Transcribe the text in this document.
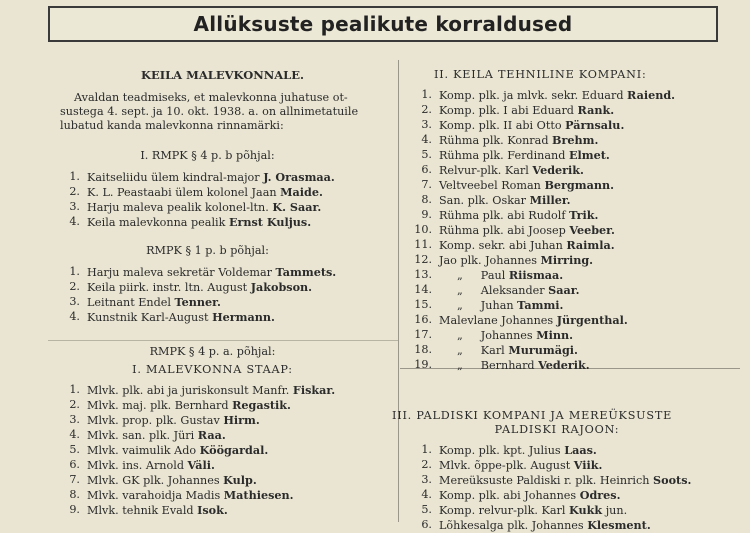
Allüksuste pealikute korraldused
KEILA MALEVKONNALE.
Avaldan teadmiseks, et malevkonna juhatuse ot-
sustega 4. sept. ja 10. okt. 1938. a. on allnimetatuile
lubatud kanda malevkonna rinnamärki:
I. RMPK § 4 p. b põhjal:
1. Kaitseliidu ülem kindral-major J. Orasmaa.
2. K. L. Peastaabi ülem kolonel Jaan Maide.
3. Harju maleva pealik kolonel-ltn. K. Saar.
4. Keila malevkonna pealik Ernst Kuljus.
RMPK § 1 p. b põhjal:
1. Harju maleva sekretär Voldemar Tammets.
2. Keila piirk. instr. ltn. August Jakobson.
3. Leitnant Endel Tenner.
4. Kunstnik Karl-August Hermann.
RMPK § 4 p. a. põhjal:
I. MALEVKONNA STAAP:
1. Mlvk. plk. abi ja juriskonsult Manfr. Fiskar.
2. Mlvk. maj. plk. Bernhard Regastik.
3. Mlvk. prop. plk. Gustav Hirm.
4. Mlvk. san. plk. Jüri Raa.
5. Mlvk. vaimulik Ado Köögardal.
6. Mlvk. ins. Arnold Väli.
7. Mlvk. GK plk. Johannes Kulp.
8. Mlvk. varahoidja Madis Mathiesen.
9. Mlvk. tehnik Evald Isok.
II. KEILA TEHNILINE KOMPANI:
1. Komp. plk. ja mlvk. sekr. Eduard Raiend.
2. Komp. plk. I abi Eduard Rank.
3. Komp. plk. II abi Otto Pärnsalu.
4. Rühma plk. Konrad Brehm.
5. Rühma plk. Ferdinand Elmet.
6. Relvur-plk. Karl Vederik.
7. Veltveebel Roman Bergmann.
8. San. plk. Oskar Miller.
9. Rühma plk. abi Rudolf Trik.
10. Rühma plk. abi Joosep Veeber.
11. Komp. sekr. abi Juhan Raimla.
12. Jao plk. Johannes Mirring.
13.	„ Paul Riismaa.
14.	„ Aleksander Saar.
15.	„ Juhan Tammi.
16. Malevlane Johannes Jürgenthal.
17.	„ Johannes Minn.
18.	„ Karl Murumägi.
19.	„ Bernhard Vederik.
III. PALDISKI KOMPANI JA MEREÜKSUSTE
PALDISKI RAJOON:
1. Komp. plk. kpt. Julius Laas.
2. Mlvk. õppe-plk. August Viik.
3. Mereüksuste Paldiski r. plk. Heinrich Soots.
4. Komp. plk. abi Johannes Odres.
5. Komp. relvur-plk. Karl Kukk jun.
6. Lõhkesalga plk. Johannes Klesment.
